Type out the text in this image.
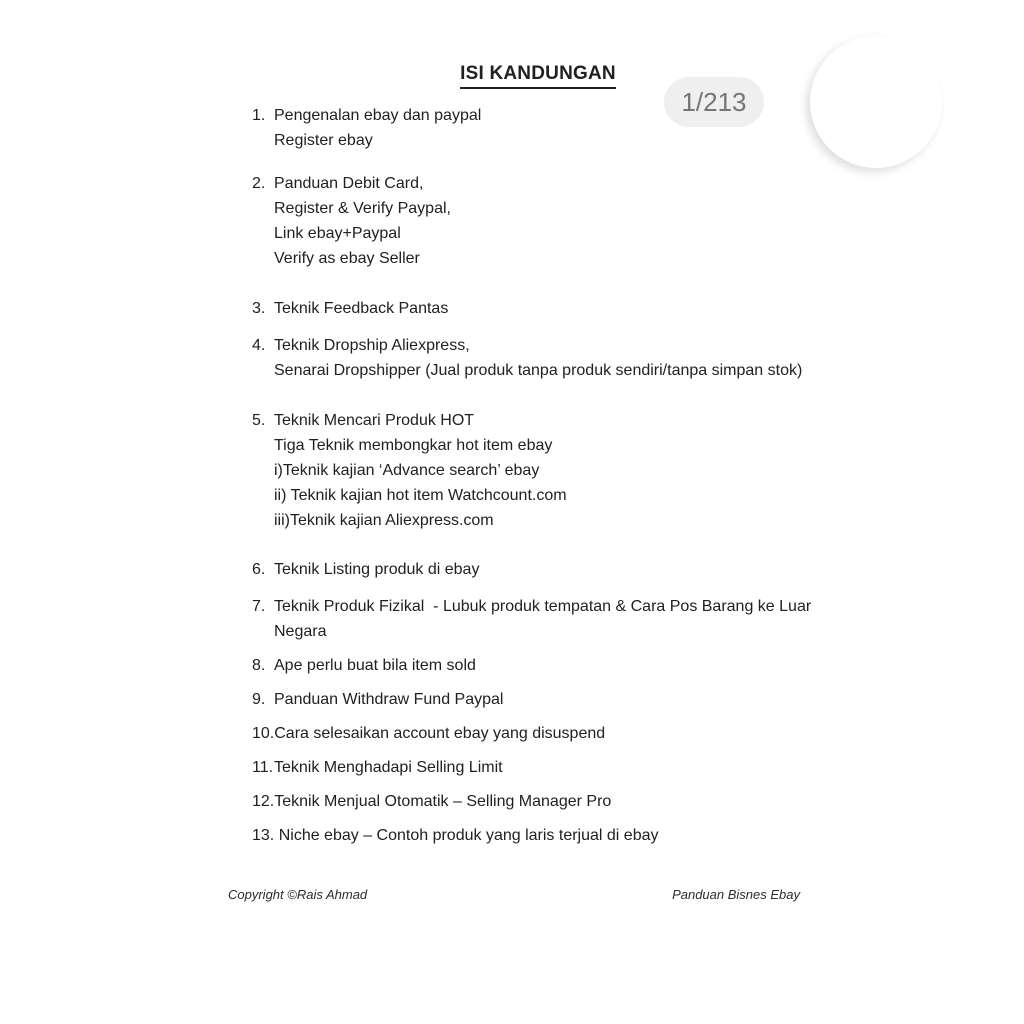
1/213
ISI KANDUNGAN
1. Pengenalan ebay dan paypal
Register ebay
2. Panduan Debit Card,
Register & Verify Paypal,
Link ebay+Paypal
Verify as ebay Seller
3. Teknik Feedback Pantas
4. Teknik Dropship Aliexpress,
Senarai Dropshipper (Jual produk tanpa produk sendiri/tanpa simpan stok)
5. Teknik Mencari Produk HOT
Tiga Teknik membongkar hot item ebay
i)Teknik kajian ‘Advance search’ ebay
ii) Teknik kajian hot item Watchcount.com
iii)Teknik kajian Aliexpress.com
6. Teknik Listing produk di ebay
7. Teknik Produk Fizikal  - Lubuk produk tempatan & Cara Pos Barang ke Luar
Negara
8. Ape perlu buat bila item sold
9. Panduan Withdraw Fund Paypal
10. Cara selesaikan account ebay yang disuspend
11. Teknik Menghadapi Selling Limit
12. Teknik Menjual Otomatik – Selling Manager Pro
13. Niche ebay – Contoh produk yang laris terjual di ebay
Copyright ©Rais Ahmad	Panduan Bisnes Ebay
